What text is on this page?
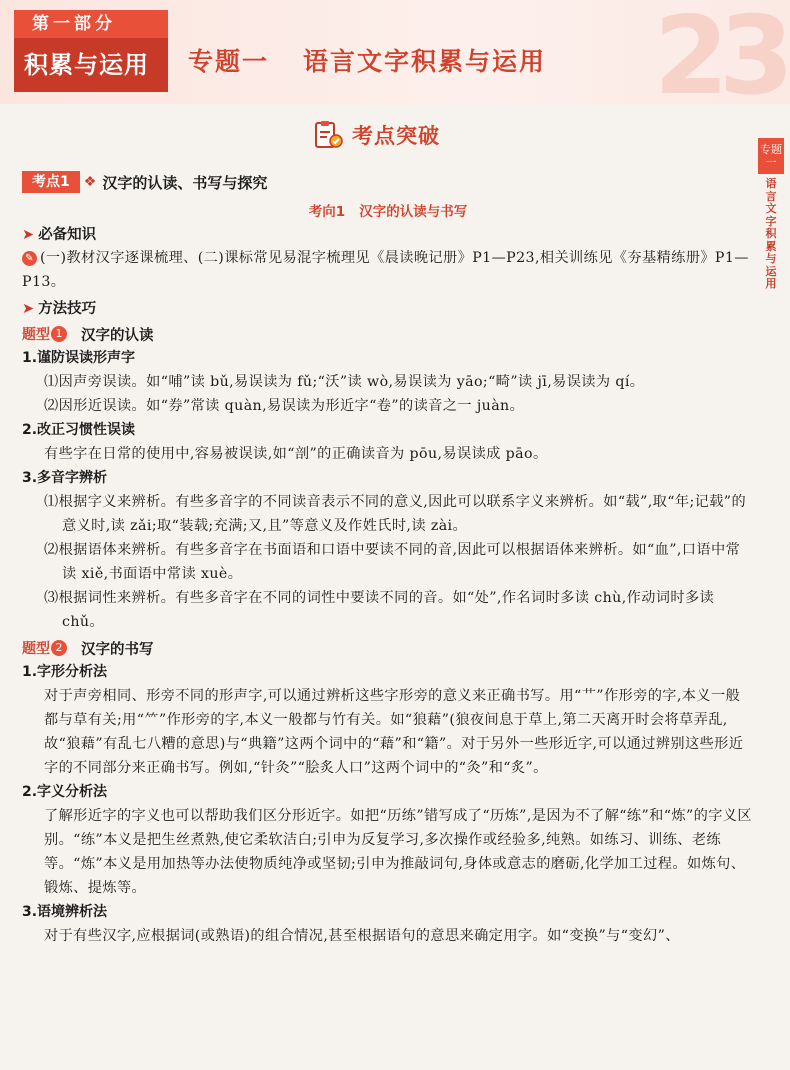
23
第一部分
积累与运用	专题一 语言文字积累与运用
专题一
语
言
文
字
积
累
与
运
用
考点突破
考点1	❖ 汉字的认读、书写与探究
考向1 汉字的认读与书写
➤ 必备知识

✎ (一)教材汉字逐课梳理、(二)课标常见易混字梳理见《晨读晚记册》P1—P23,相关训练见《夯基精练册》P1—P13。

➤ 方法技巧
题型 1	汉字的认读
1.谨防误读形声字

⑴因声旁误读。如“哺”读 bǔ,易误读为 fǔ;“沃”读 wò,易误读为 yāo;“畸”读 jī,易误读为 qí。

⑵因形近误读。如“券”常读 quàn,易误读为形近字“卷”的读音之一 juàn。

2.改正习惯性误读

有些字在日常的使用中,容易被误读,如“剖”的正确读音为 pōu,易误读成 pāo。

3.多音字辨析

⑴根据字义来辨析。有些多音字的不同读音表示不同的意义,因此可以联系字义来辨析。如“载”,取“年;记载”的意义时,读 zǎi;取“装载;充满;又,且”等意义及作姓氏时,读 zài。

⑵根据语体来辨析。有些多音字在书面语和口语中要读不同的音,因此可以根据语体来辨析。如“血”,口语中常读 xiě,书面语中常读 xuè。

⑶根据词性来辨析。有些多音字在不同的词性中要读不同的音。如“处”,作名词时多读 chù,作动词时多读 chǔ。

题型 2	汉字的书写
1.字形分析法

对于声旁相同、形旁不同的形声字,可以通过辨析这些字形旁的意义来正确书写。用“艹”作形旁的字,本义一般都与草有关;用“⺮”作形旁的字,本义一般都与竹有关。如“狼藉”(狼夜间息于草上,第二天离开时会将草弄乱,故“狼藉”有乱七八糟的意思)与“典籍”这两个词中的“藉”和“籍”。对于另外一些形近字,可以通过辨别这些形近字的不同部分来正确书写。例如,“针灸”“脍炙人口”这两个词中的“灸”和“炙”。

2.字义分析法

了解形近字的字义也可以帮助我们区分形近字。如把“历练”错写成了“历炼”,是因为不了解“练”和“炼”的字义区别。“练”本义是把生丝煮熟,使它柔软洁白;引申为反复学习,多次操作或经验多,纯熟。如练习、训练、老练等。“炼”本义是用加热等办法使物质纯净或坚韧;引申为推敲词句,身体或意志的磨砺,化学加工过程。如炼句、锻炼、提炼等。

3.语境辨析法

对于有些汉字,应根据词(或熟语)的组合情况,甚至根据语句的意思来确定用字。如“变换”与“变幻”、
